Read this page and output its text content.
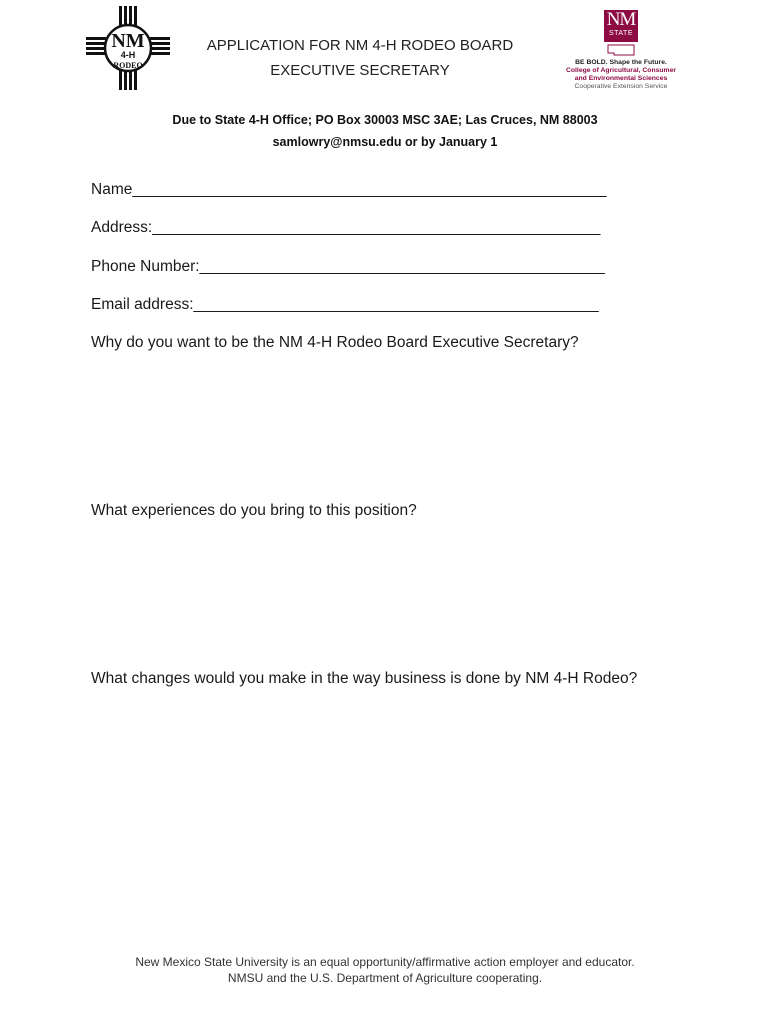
NM
4-H
RODEO
APPLICATION FOR NM 4-H RODEO BOARD
EXECUTIVE SECRETARY
NM
STATE
BE BOLD. Shape the Future.
College of Agricultural, Consumer
and Environmental Sciences
Cooperative Extension Service
Due to State 4-H Office; PO Box 30003 MSC 3AE; Las Cruces, NM 88003
samlowry@nmsu.edu or by January 1
Name_______________________________________________________
Address:____________________________________________________
Phone Number:_______________________________________________
Email address:_______________________________________________
Why do you want to be the NM 4-H Rodeo Board Executive Secretary?
What experiences do you bring to this position?
What changes would you make in the way business is done by NM 4-H Rodeo?
New Mexico State University is an equal opportunity/affirmative action employer and educator.
NMSU and the U.S. Department of Agriculture cooperating.
